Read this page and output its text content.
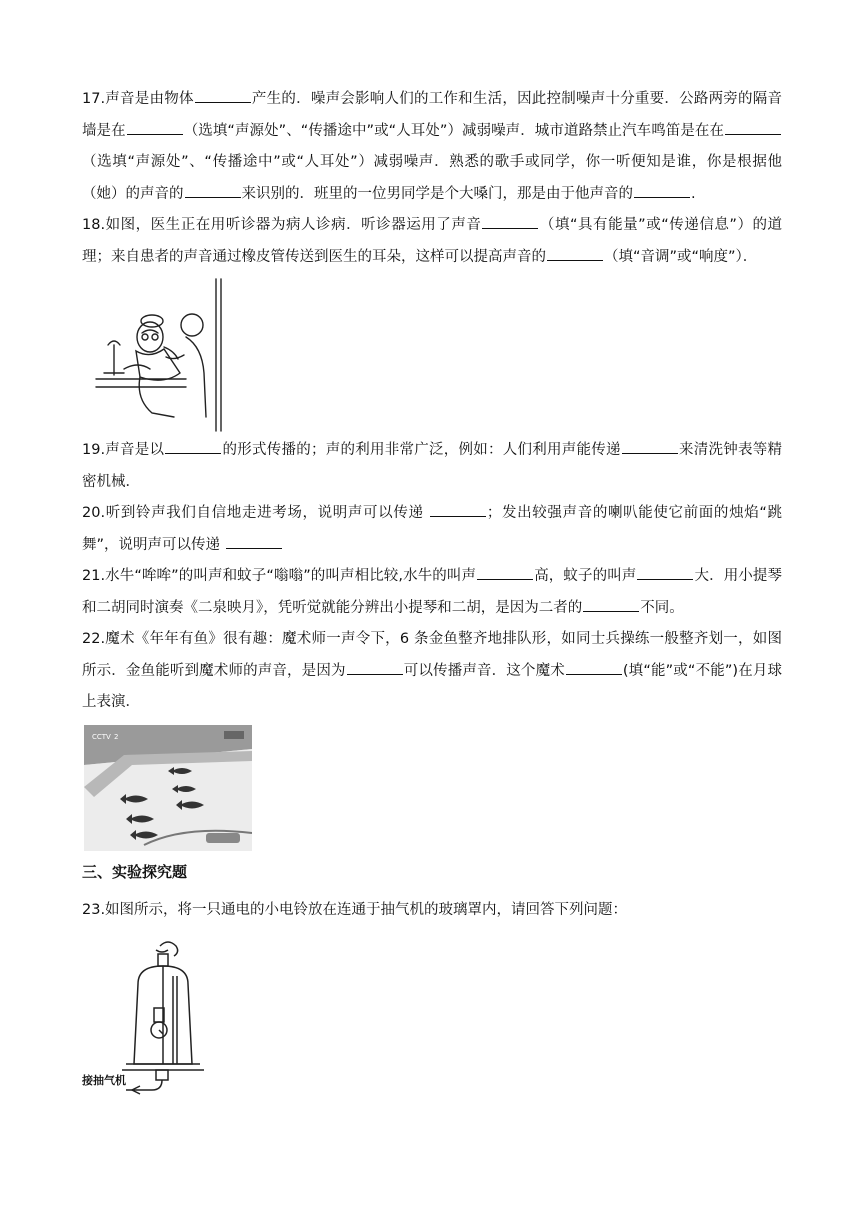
17.声音是由物体	产生的．噪声会影响人们的工作和生活，因此控制噪声十分重要．公路两旁的隔音墙是在	（选填“声源处”、“传播途中”或“人耳处”）减弱噪声．城市道路禁止汽车鸣笛是在在（选填“声源处”、“传播途中”或“人耳处”）减弱噪声．熟悉的歌手或同学，你一听便知是谁，你是根据他（她）的声音的	来识别的．班里的一位男同学是个大嗓门，那是由于他声音的	.

18.如图，医生正在用听诊器为病人诊病．听诊器运用了声音	（填“具有能量”或“传递信息”）的道理；来自患者的声音通过橡皮管传送到医生的耳朵，这样可以提高声音的	（填“音调”或“响度”）．

19.声音是以	的形式传播的；声的利用非常广泛，例如：人们利用声能传递	来清洗钟表等精密机械．

20.听到铃声我们自信地走进考场，说明声可以传递	；发出较强声音的喇叭能使它前面的烛焰“跳舞”，说明声可以传递

21.水牛“哞哞”的叫声和蚊子“嗡嗡”的叫声相比较,水牛的叫声	高，蚊子的叫声	大．用小提琴和二胡同时演奏《二泉映月》，凭听觉就能分辨出小提琴和二胡，是因为二者的	不同。

22.魔术《年年有鱼》很有趣：魔术师一声令下，6 条金鱼整齐地排队形，如同士兵操练一般整齐划一，如图所示．金鱼能听到魔术师的声音，是因为	可以传播声音．这个魔术	(填“能”或“不能”)在月球上表演．

CCTV 2
三、实验探究题

23.如图所示，将一只通电的小电铃放在连通于抽气机的玻璃罩内，请回答下列问题：

接抽气机
